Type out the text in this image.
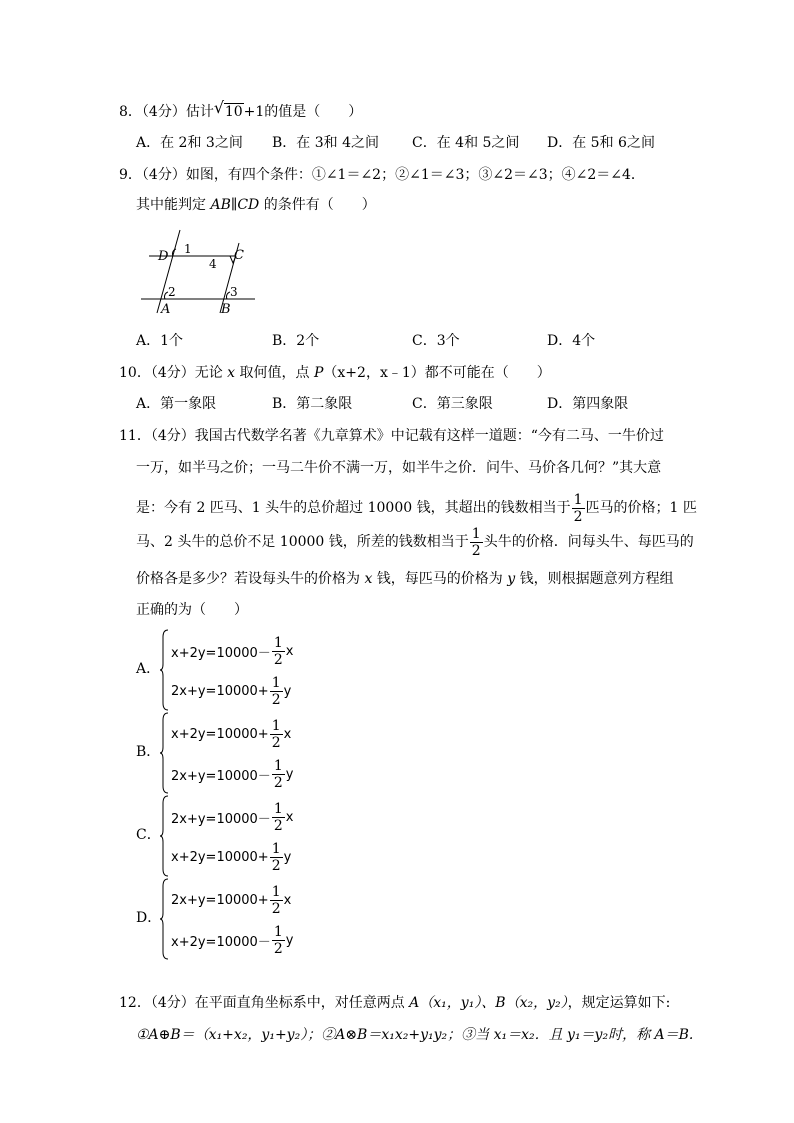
8．（4分）估计 √ 10+1的值是（　　）
A．在 2和 3之间 B．在 3和 4之间 C．在 4和 5之间 D．在 5和 6之间
9．（4分）如图，有四个条件：①∠1＝∠2；②∠1＝∠3；③∠2＝∠3；④∠2＝∠4．
其中能判定 AB∥CD 的条件有（　　）
D 1
4
C
2	3
A	B
A．1个	B．2个	C．3个	D．4个
10．（4分）无论 x 取何值，点 P（x+2，x﹣1）都不可能在（　　）
A．第一象限	B．第二象限	C．第三象限	D．第四象限
11．（4分）我国古代数学名著《九章算术》中记载有这样一道题：“今有二马、一牛价过
一万，如半马之价；一马二牛价不满一万，如半牛之价．问牛、马价各几何？”其大意
是：今有 2 匹马、1 头牛的总价超过 10000 钱，其超出的钱数相当于 $\frac{1}{2}$ 匹马的价格；1 匹
马、2 头牛的总价不足 10000 钱，所差的钱数相当于 $\frac{1}{2}$ 头牛的价格．问每头牛、每匹马的
价格各是多少？若设每头牛的价格为 x 钱，每匹马的价格为 y 钱，则根据题意列方程组
正确的为（　　）
A．
$x+2y=10000- \frac{1}{2}$ x
$2x+y=10000+ \frac{1}{2}$ y
B．
$x+2y=10000+ \frac{1}{2}$ x
$2x+y=10000- \frac{1}{2}$ y
C．
$2x+y=10000- \frac{1}{2}$ x
$x+2y=10000+ \frac{1}{2}$ y
D．
$2x+y=10000+ \frac{1}{2}$ x
$x+2y=10000- \frac{1}{2}$ y
12．（4分）在平面直角坐标系中，对任意两点 A（x₁，y₁）、B（x₂，y₂），规定运算如下:
①A⊕B＝（x₁+x₂，y₁+y₂）；②A⊗B＝x₁x₂+y₁y₂；③当 x₁＝x₂．且 y₁＝y₂时，称 A＝B.
